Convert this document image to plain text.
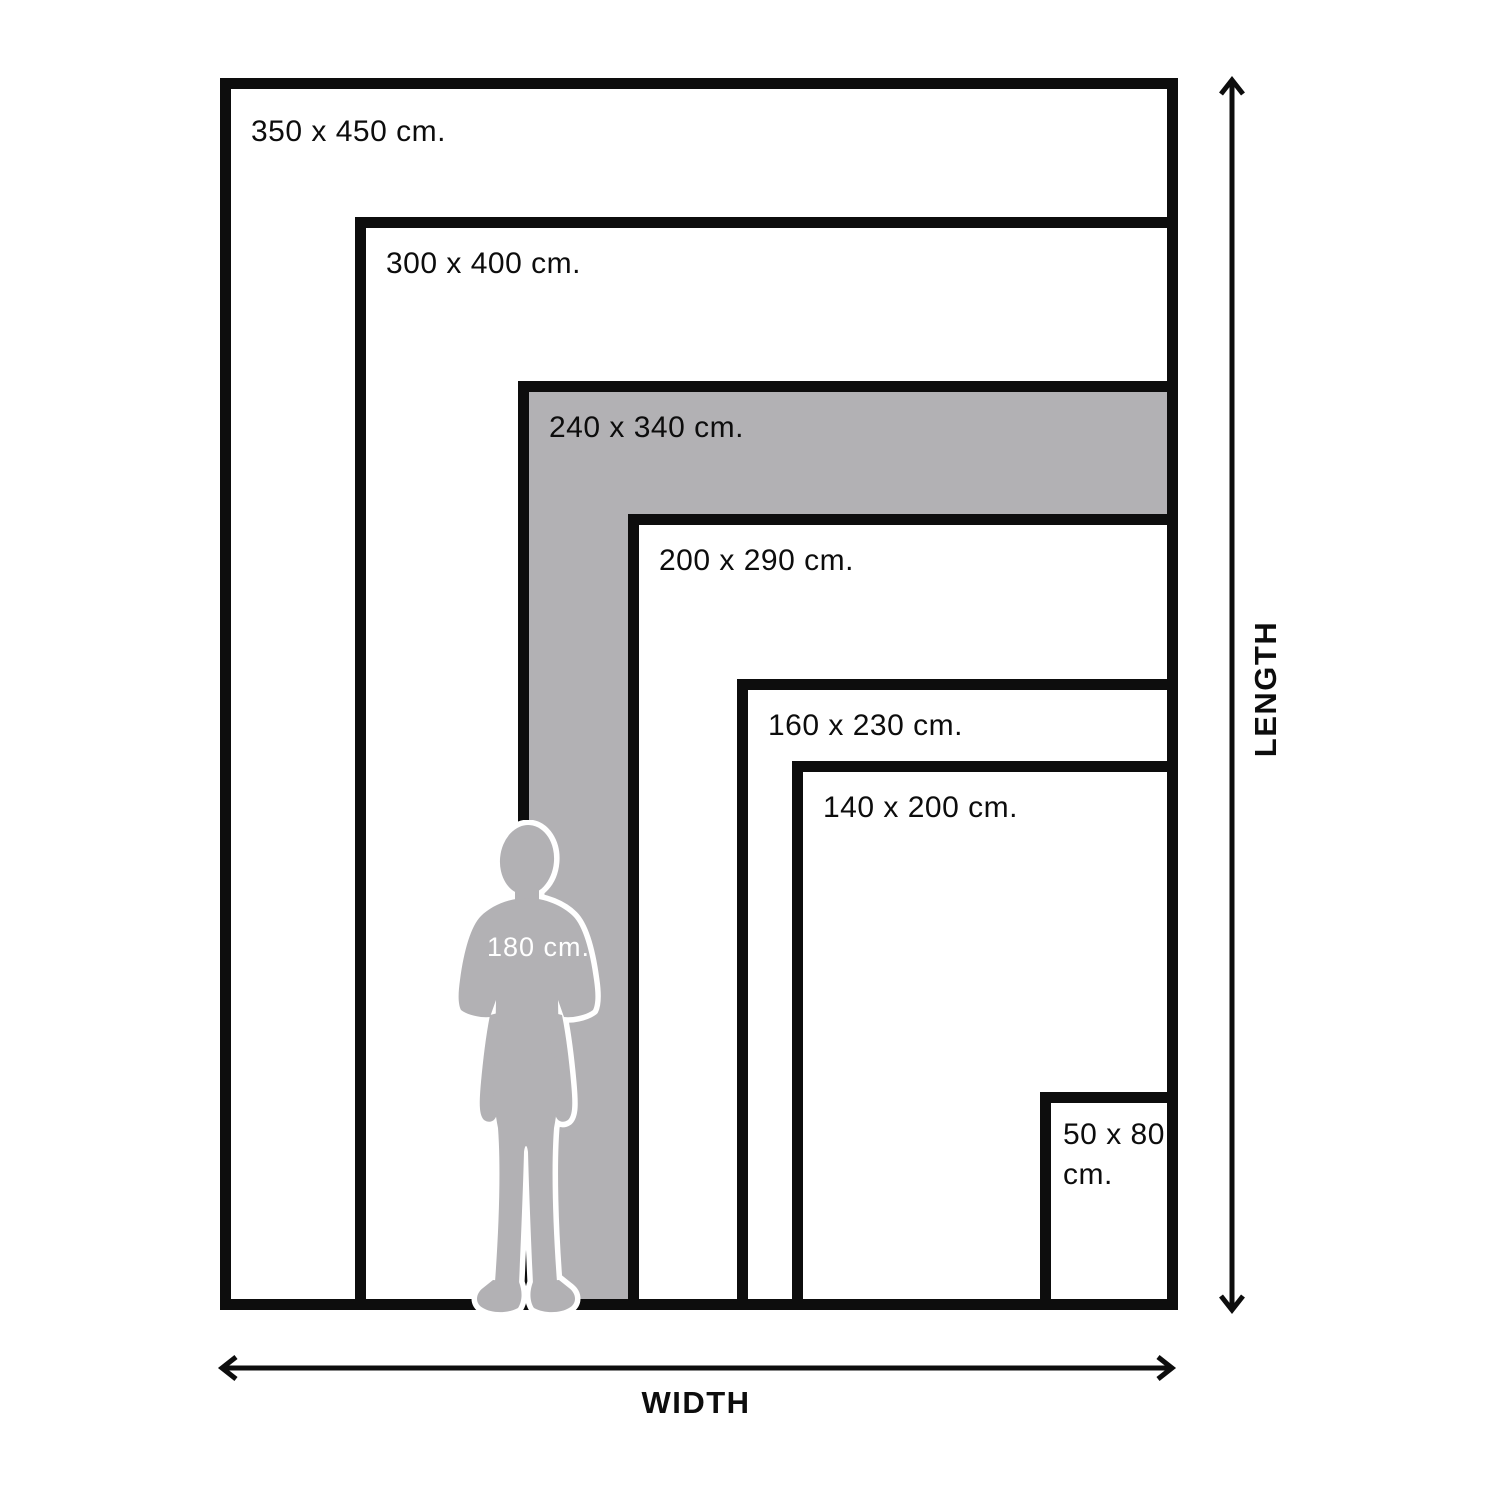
350 x 450 cm.
300 x 400 cm.
240 x 340 cm.
200 x 290 cm.
160 x 230 cm.
140 x 200 cm.
50 x 80 cm.
180 cm.
LENGTH
WIDTH
